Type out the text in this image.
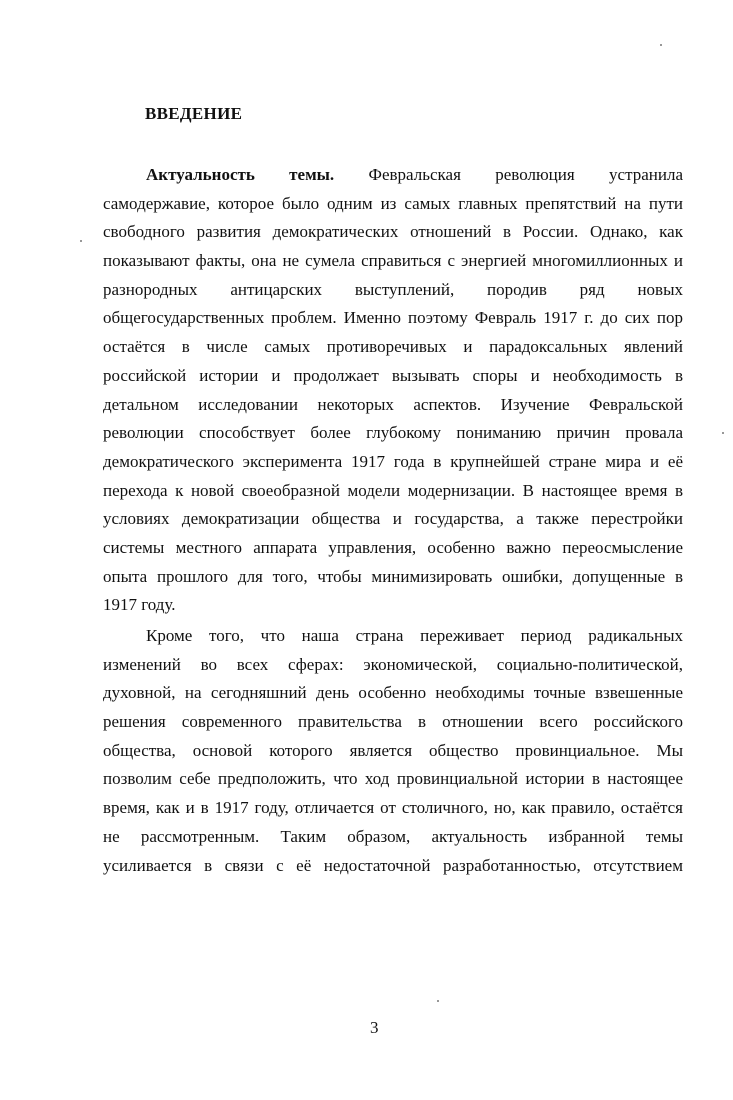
ВВЕДЕНИЕ
Актуальность темы. Февральская революция устранила
самодержавие, которое было одним из самых главных препятствий на пути
свободного развития демократических отношений в России. Однако, как
показывают факты, она не сумела справиться с энергией многомиллионных и
разнородных антицарских выступлений, породив ряд новых
общегосударственных проблем. Именно поэтому Февраль 1917 г. до сих пор
остаётся в числе самых противоречивых и парадоксальных явлений
российской истории и продолжает вызывать споры и необходимость в
детальном исследовании некоторых аспектов. Изучение Февральской
революции способствует более глубокому пониманию причин провала
демократического эксперимента 1917 года в крупнейшей стране мира и её
перехода к новой своеобразной модели модернизации. В настоящее время в
условиях демократизации общества и государства, а также перестройки
системы местного аппарата управления, особенно важно переосмысление
опыта прошлого для того, чтобы минимизировать ошибки, допущенные в
1917 году.
Кроме того, что наша страна переживает период радикальных
изменений во всех сферах: экономической, социально-политической,
духовной, на сегодняшний день особенно необходимы точные взвешенные
решения современного правительства в отношении всего российского
общества, основой которого является общество провинциальное. Мы
позволим себе предположить, что ход провинциальной истории в настоящее
время, как и в 1917 году, отличается от столичного, но, как правило, остаётся
не рассмотренным. Таким образом, актуальность избранной темы
усиливается в связи с её недостаточной разработанностью, отсутствием
3
